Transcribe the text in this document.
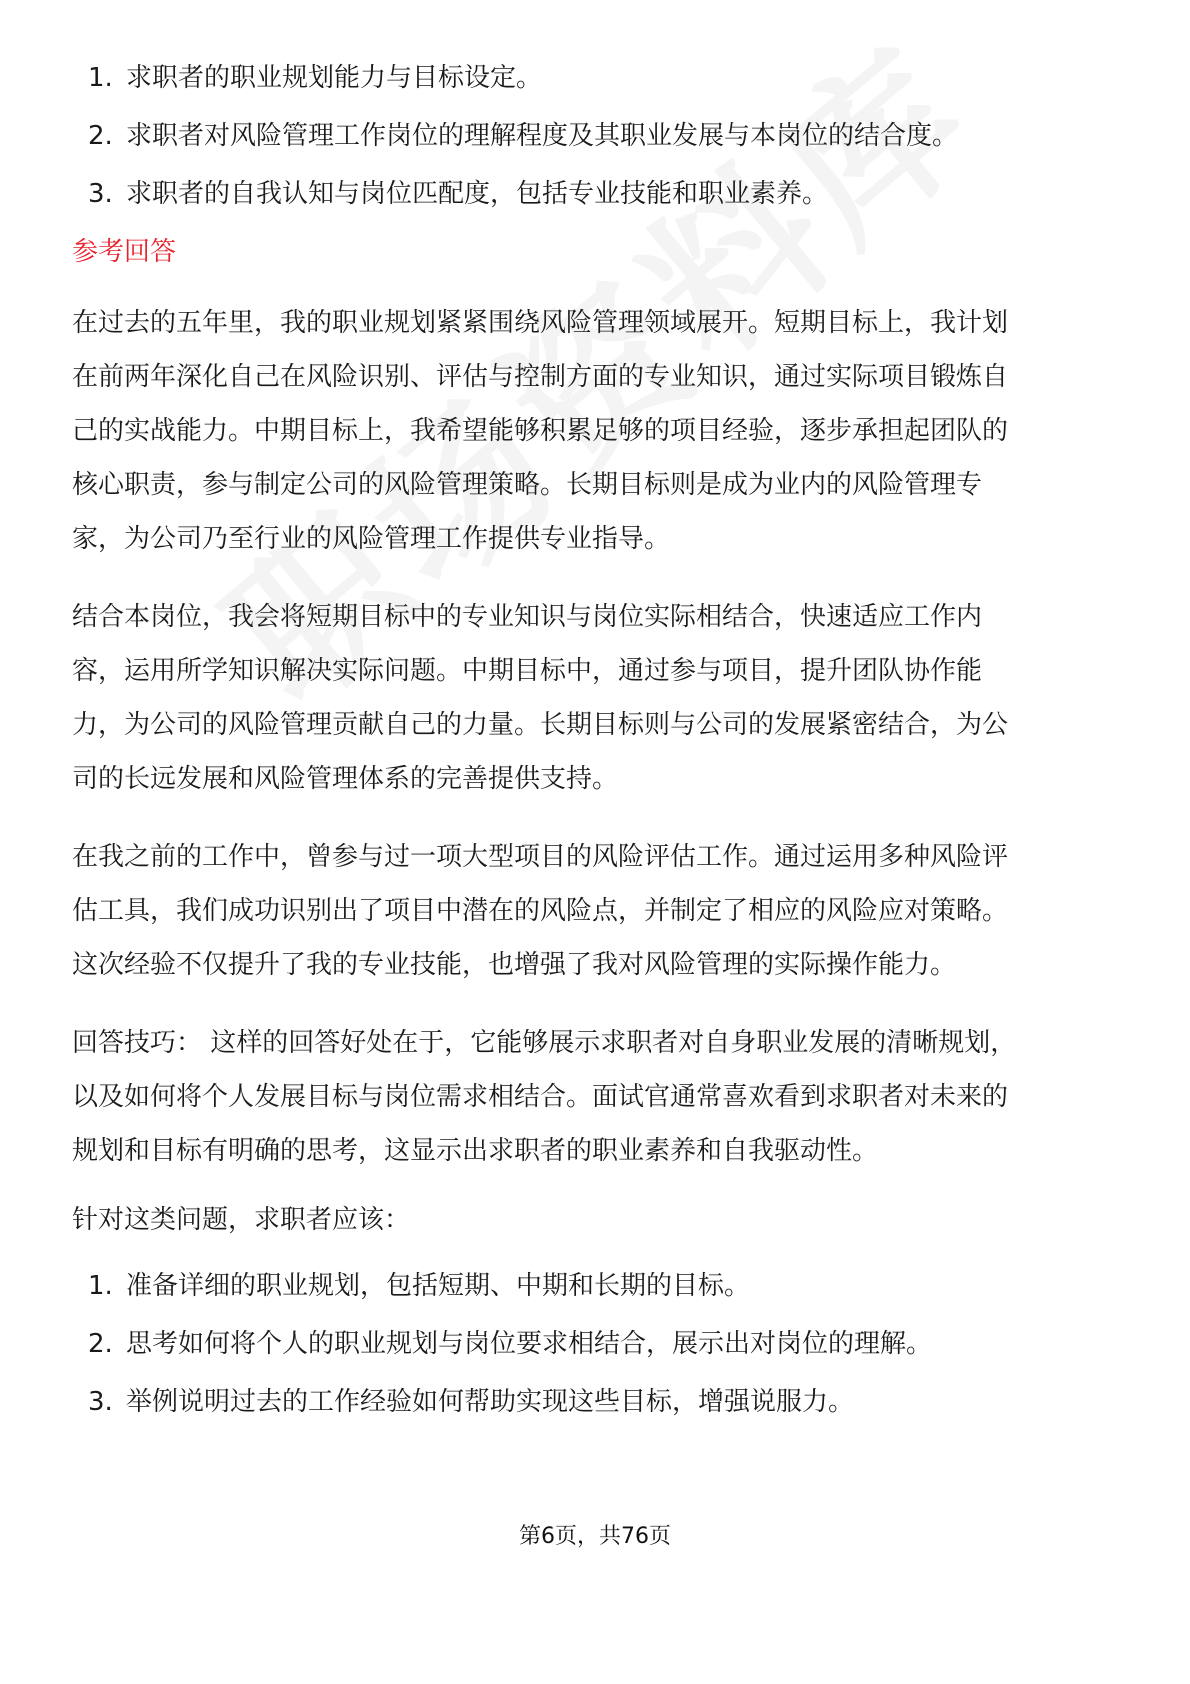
1. 求职者的职业规划能力与目标设定。
2. 求职者对风险管理工作岗位的理解程度及其职业发展与本岗位的结合度。
3. 求职者的自我认知与岗位匹配度，包括专业技能和职业素养。
参考回答
在过去的五年里，我的职业规划紧紧围绕风险管理领域展开。短期目标上，我计划
在前两年深化自己在风险识别、评估与控制方面的专业知识，通过实际项目锻炼自
己的实战能力。中期目标上，我希望能够积累足够的项目经验，逐步承担起团队的
核心职责，参与制定公司的风险管理策略。长期目标则是成为业内的风险管理专
家，为公司乃至行业的风险管理工作提供专业指导。
结合本岗位，我会将短期目标中的专业知识与岗位实际相结合，快速适应工作内
容，运用所学知识解决实际问题。中期目标中，通过参与项目，提升团队协作能
力，为公司的风险管理贡献自己的力量。长期目标则与公司的发展紧密结合，为公
司的长远发展和风险管理体系的完善提供支持。
在我之前的工作中，曾参与过一项大型项目的风险评估工作。通过运用多种风险评
估工具，我们成功识别出了项目中潜在的风险点，并制定了相应的风险应对策略。
这次经验不仅提升了我的专业技能，也增强了我对风险管理的实际操作能力。
回答技巧： 这样的回答好处在于，它能够展示求职者对自身职业发展的清晰规划，
以及如何将个人发展目标与岗位需求相结合。面试官通常喜欢看到求职者对未来的
规划和目标有明确的思考，这显示出求职者的职业素养和自我驱动性。
针对这类问题，求职者应该：
1. 准备详细的职业规划，包括短期、中期和长期的目标。
2. 思考如何将个人的职业规划与岗位要求相结合，展示出对岗位的理解。
3. 举例说明过去的工作经验如何帮助实现这些目标，增强说服力。
第6页，共76页
